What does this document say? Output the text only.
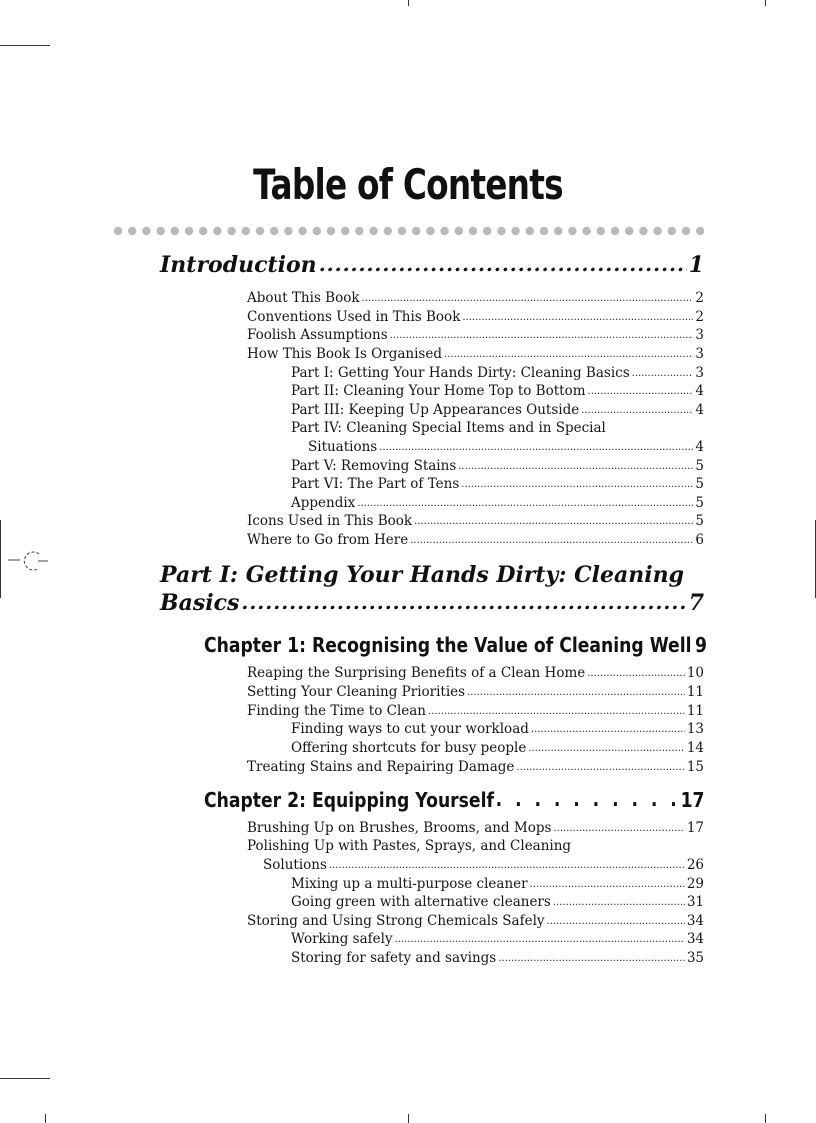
Table of Contents
Introduction .....	1
About This Book .....	2
Conventions Used in This Book .....	2
Foolish Assumptions .....	3
How This Book Is Organised .....	3
Part I: Getting Your Hands Dirty: Cleaning Basics .....	3
Part II: Cleaning Your Home Top to Bottom .....	4
Part III: Keeping Up Appearances Outside .....	4
Part IV: Cleaning Special Items and in Special
Situations .....	4
Part V: Removing Stains .....	5
Part VI: The Part of Tens .....	5
Appendix .....	5
Icons Used in This Book .....	5
Where to Go from Here .....	6
Part I: Getting Your Hands Dirty: Cleaning
Basics .....	7
Chapter 1: Recognising the Value of Cleaning Well 9
Reaping the Surprising Benefits of a Clean Home .....	10
Setting Your Cleaning Priorities .....	11
Finding the Time to Clean .....	11
Finding ways to cut your workload .....	13
Offering shortcuts for busy people .....	14
Treating Stains and Repairing Damage .....	15
Chapter 2: Equipping Yourself . . .	17
Brushing Up on Brushes, Brooms, and Mops .....	17
Polishing Up with Pastes, Sprays, and Cleaning
Solutions .....	26
Mixing up a multi-purpose cleaner .....	29
Going green with alternative cleaners .....	31
Storing and Using Strong Chemicals Safely .....	34
Working safely .....	34
Storing for safety and savings .....	35
